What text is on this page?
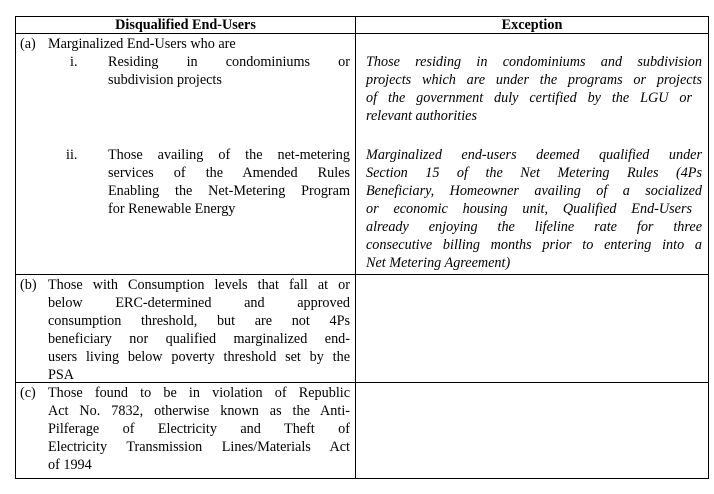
Disqualified End-Users	Exception
(a) Marginalized End-Users who are
i. Residing in condominiums or
subdivision projects
Those residing in condominiums and subdivision
projects which are under the programs or projects
of the government duly certified by the LGU or
relevant authorities
ii. Those availing of the net-metering
services of the Amended Rules
Enabling the Net-Metering Program
for Renewable Energy
Marginalized end-users deemed qualified under
Section 15 of the Net Metering Rules (4Ps
Beneficiary, Homeowner availing of a socialized
or economic housing unit, Qualified End-Users
already enjoying the lifeline rate for three
consecutive billing months prior to entering into a
Net Metering Agreement)
(b) Those with Consumption levels that fall at or
below ERC-determined and approved
consumption threshold, but are not 4Ps
beneficiary nor qualified marginalized end-
users living below poverty threshold set by the
PSA
(c) Those found to be in violation of Republic
Act No. 7832, otherwise known as the Anti-
Pilferage of Electricity and Theft of
Electricity Transmission Lines/Materials Act
of 1994
